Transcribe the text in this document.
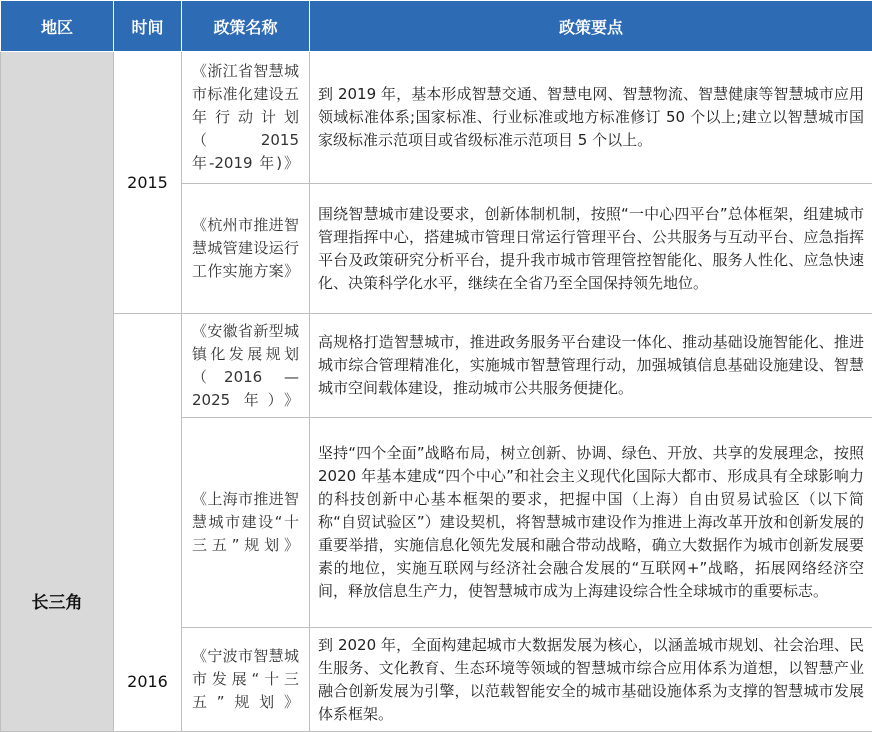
地区	时间	政策名称	政策要点
长三角	2015	《浙江省智慧城市标准化建设五年行动计划（2015 年-2019 年)》	到 2019 年，基本形成智慧交通、智慧电网、智慧物流、智慧健康等智慧城市应用领域标准体系;国家标准、行业标准或地方标准修订 50 个以上;建立以智慧城市国家级标准示范项目或省级标准示范项目 5 个以上。
		《杭州市推进智慧城管建设运行工作实施方案》	围绕智慧城市建设要求，创新体制机制，按照“一中心四平台”总体框架，组建城市管理指挥中心，搭建城市管理日常运行管理平台、公共服务与互动平台、应急指挥平台及政策研究分析平台，提升我市城市管理管控智能化、服务人性化、应急快速化、决策科学化水平，继续在全省乃至全国保持领先地位。
	2016	《安徽省新型城镇化发展规划（2016 —2025 年）》	高规格打造智慧城市，推进政务服务平台建设一体化、推动基础设施智能化、推进城市综合管理精准化，实施城市智慧管理行动，加强城镇信息基础设施建设、智慧城市空间载体建设，推动城市公共服务便捷化。
		《上海市推进智慧城市建设“十三五”规划》	坚持“四个全面”战略布局，树立创新、协调、绿色、开放、共享的发展理念，按照 2020 年基本建成“四个中心”和社会主义现代化国际大都市、形成具有全球影响力的科技创新中心基本框架的要求，把握中国（上海）自由贸易试验区（以下简称“自贸试验区”）建设契机，将智慧城市建设作为推进上海改革开放和创新发展的重要举措，实施信息化领先发展和融合带动战略，确立大数据作为城市创新发展要素的地位，实施互联网与经济社会融合发展的“互联网+”战略，拓展网络经济空间，释放信息生产力，使智慧城市成为上海建设综合性全球城市的重要标志。
		《宁波市智慧城市发展“十三五”规划》	到 2020 年，全面构建起城市大数据发展为核心，以涵盖城市规划、社会治理、民生服务、文化教育、生态环境等领域的智慧城市综合应用体系为道想，以智慧产业融合创新发展为引擎，以范载智能安全的城市基础设施体系为支撑的智慧城市发展体系框架。
